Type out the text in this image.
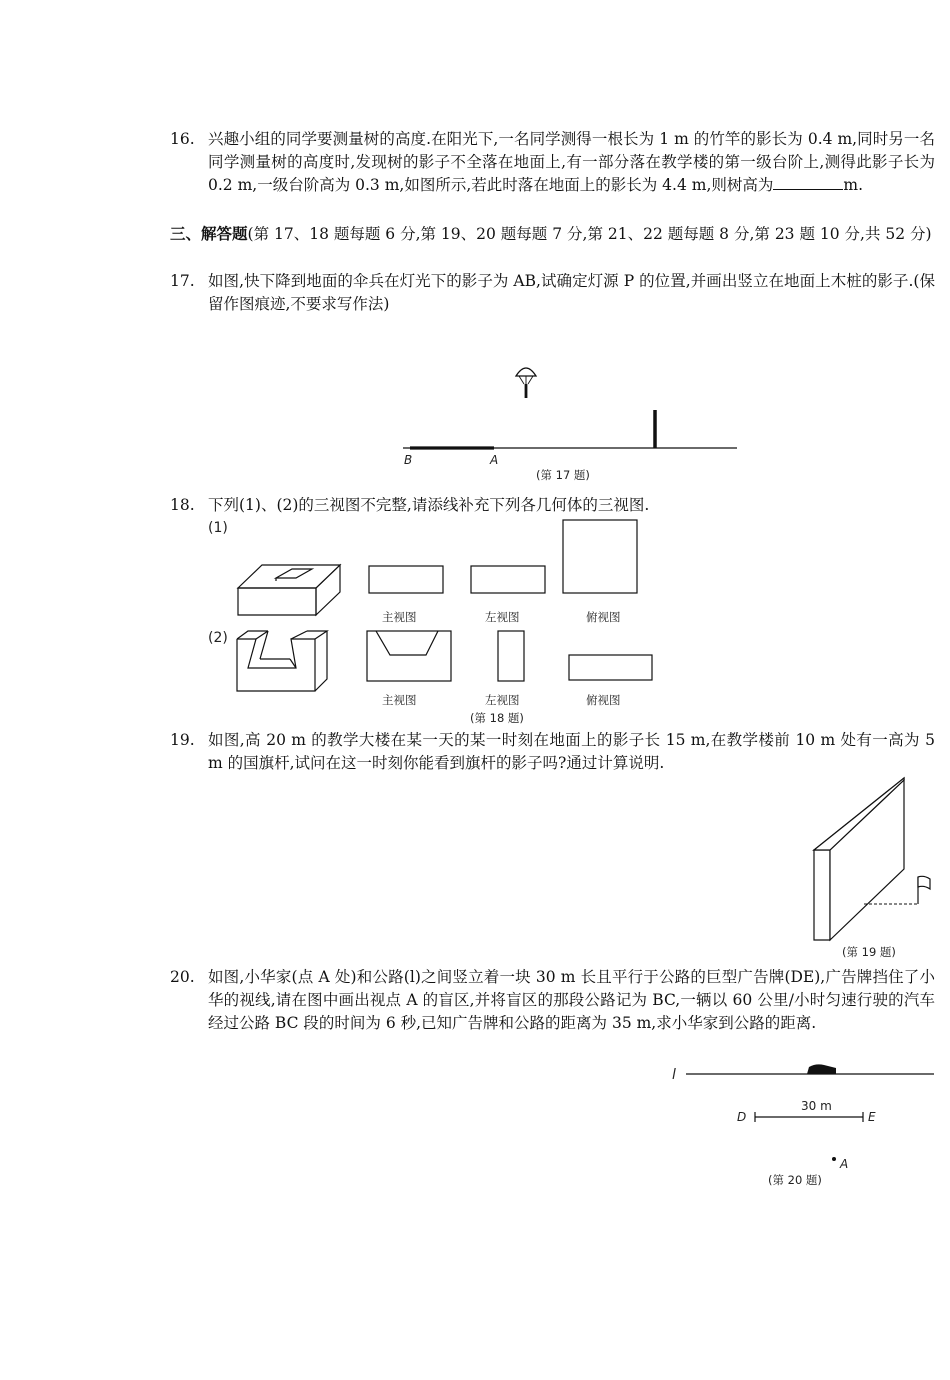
16. 兴趣小组的同学要测量树的高度.在阳光下,一名同学测得一根长为 1 m 的竹竿的影长为 0.4 m,同时另一名同学测量树的高度时,发现树的影子不全落在地面上,有一部分落在教学楼的第一级台阶上,测得此影子长为 0.2 m,一级台阶高为 0.3 m,如图所示,若此时落在地面上的影长为 4.4 m,则树高为	m.
三、解答题(第 17、18 题每题 6 分,第 19、20 题每题 7 分,第 21、22 题每题 8 分,第 23 题 10 分,共 52 分)
17. 如图,快下降到地面的伞兵在灯光下的影子为 AB,试确定灯源 P 的位置,并画出竖立在地面上木桩的影子.(保留作图痕迹,不要求写作法)
B	A
(第 17 题)
18. 下列(1)、(2)的三视图不完整,请添线补充下列各几何体的三视图.
(1)
(2)
主视图	左视图	俯视图
主视图	左视图	俯视图
(第 18 题)
19. 如图,高 20 m 的教学大楼在某一天的某一时刻在地面上的影子长 15 m,在教学楼前 10 m 处有一高为 5 m 的国旗杆,试问在这一时刻你能看到旗杆的影子吗?通过计算说明.
(第 19 题)
20. 如图,小华家(点 A 处)和公路(l)之间竖立着一块 30 m 长且平行于公路的巨型广告牌(DE),广告牌挡住了小华的视线,请在图中画出视点 A 的盲区,并将盲区的那段公路记为 BC,一辆以 60 公里/小时匀速行驶的汽车经过公路 BC 段的时间为 6 秒,已知广告牌和公路的距离为 35 m,求小华家到公路的距离.
l
D	E
30 m
A
(第 20 题)
